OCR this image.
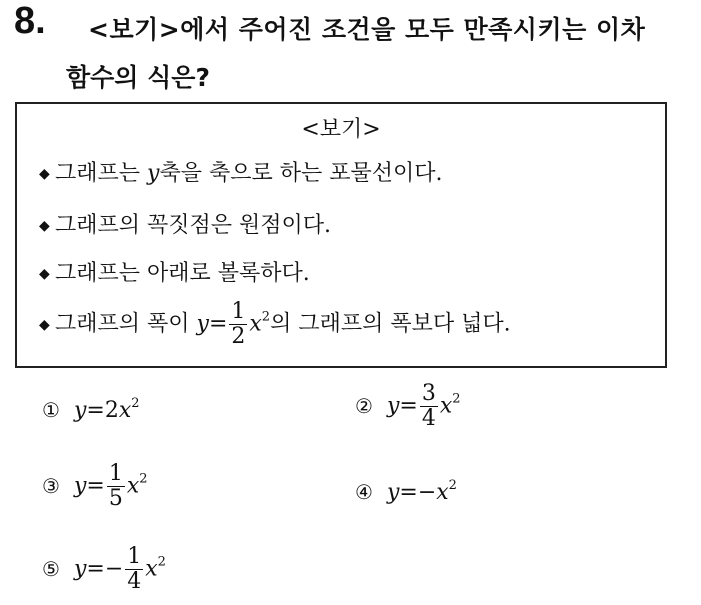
8. <보기>에서 주어진 조건을 모두 만족시키는 이차
함수의 식은?
<보기>
◆ 그래프는 y축을 축으로 하는 포물선이다.
◆ 그래프의 꼭짓점은 원점이다.
◆ 그래프는 아래로 볼록하다.
◆ 그래프의 폭이 $y= \frac{1}{2} x^2$의 그래프의 폭보다 넓다.
① $y=2x^2$	② $y= \frac{3}{4} x^2$
③ $y= \frac{1}{5} x^2$
④ $y=-x^2$
⑤ $y=- \frac{1}{4} x^2$
